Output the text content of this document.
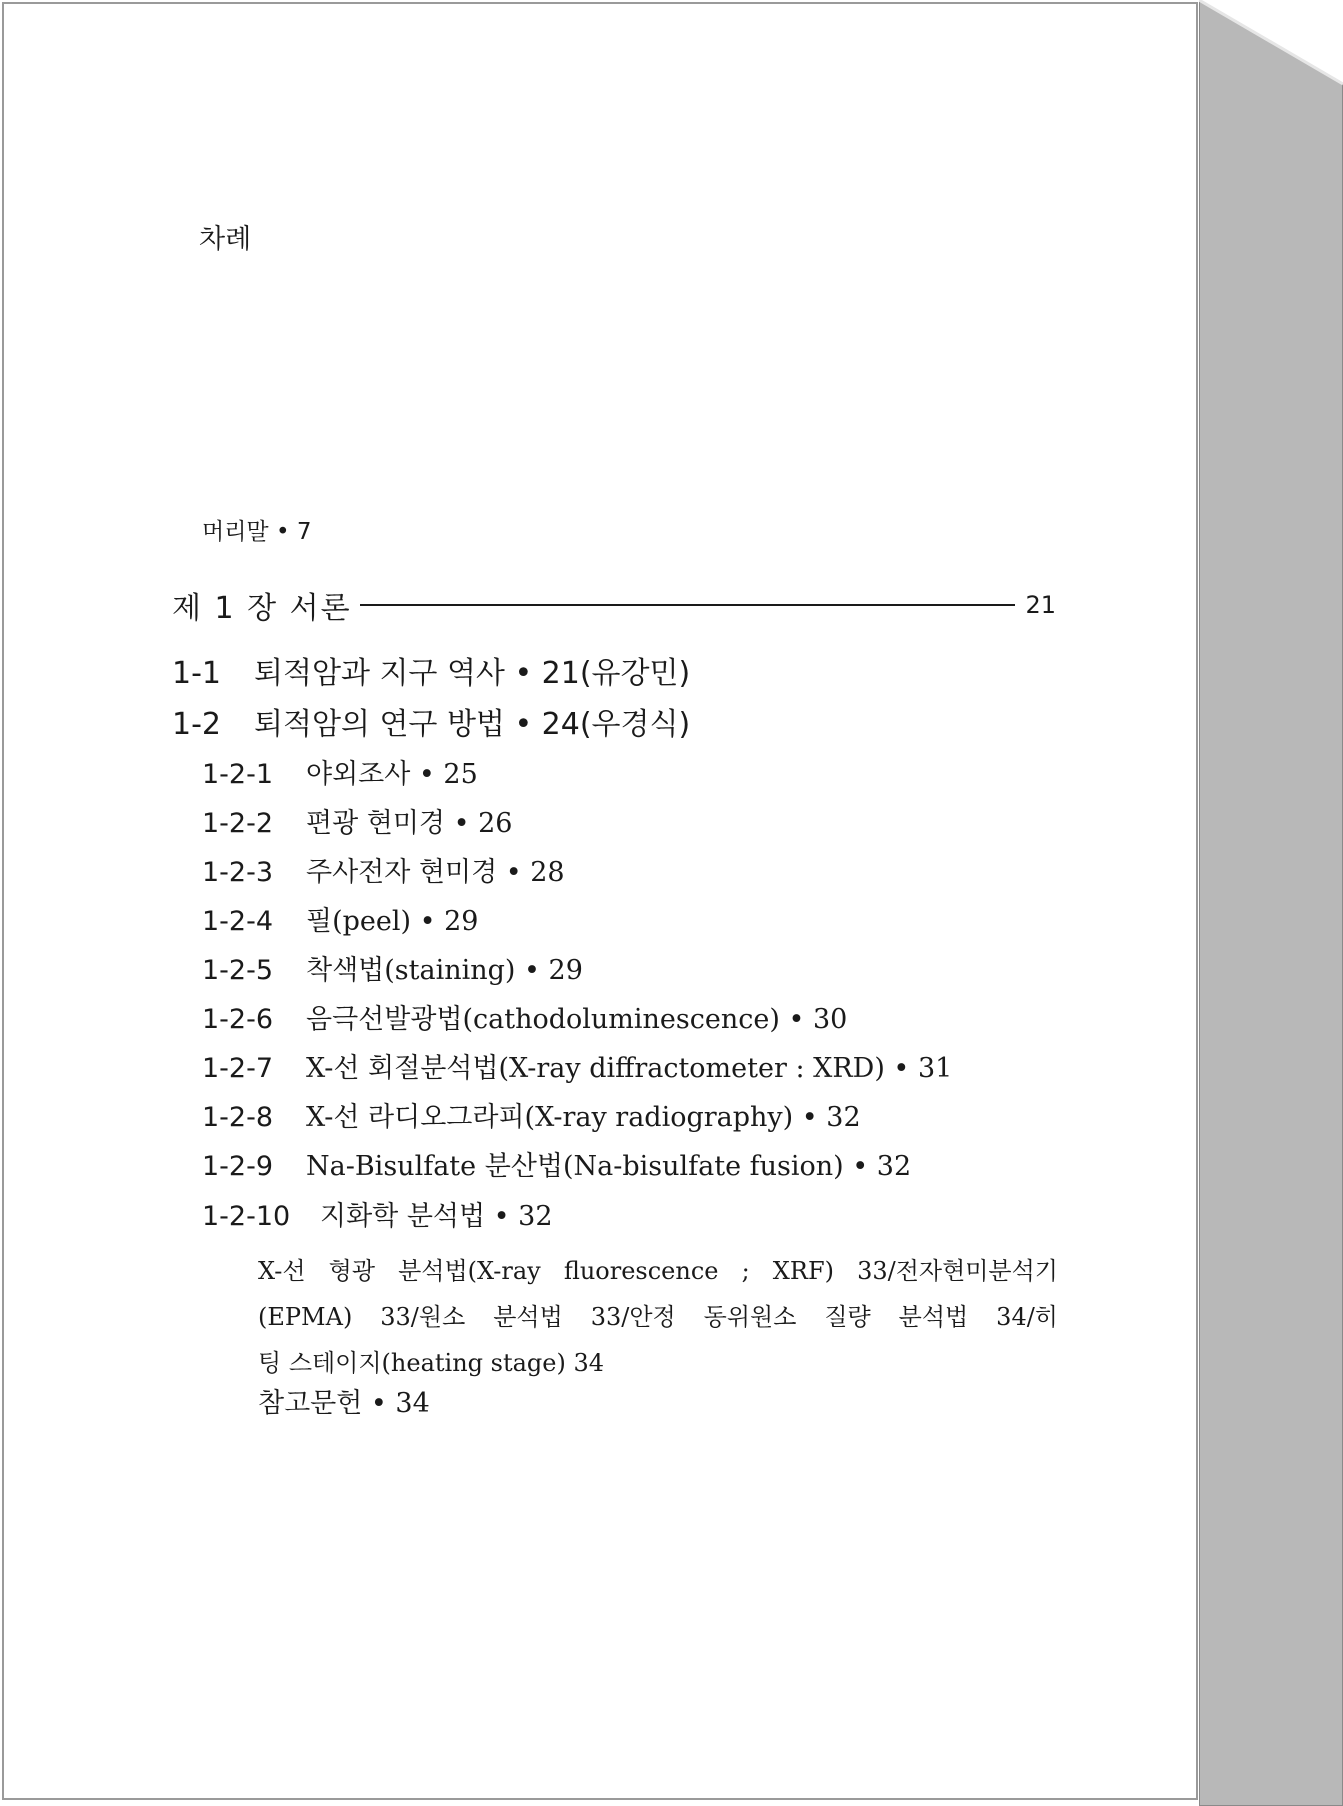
차례
머리말 • 7
제 1 장 서론	21
1-1 퇴적암과 지구 역사 • 21(유강민)
1-2 퇴적암의 연구 방법 • 24(우경식)
1-2-1 야외조사 • 25
1-2-2 편광 현미경 • 26
1-2-3 주사전자 현미경 • 28
1-2-4 필(peel) • 29
1-2-5 착색법(staining) • 29
1-2-6 음극선발광법(cathodoluminescence) • 30
1-2-7 X-선 회절분석법(X-ray diffractometer : XRD) • 31
1-2-8 X-선 라디오그라피(X-ray radiography) • 32
1-2-9 Na-Bisulfate 분산법(Na-bisulfate fusion) • 32
1-2-10 지화학 분석법 • 32
X-선 형광 분석법(X-ray fluorescence ; XRF) 33/전자현미분석기
(EPMA) 33/원소 분석법 33/안정 동위원소 질량 분석법 34/히
팅 스테이지(heating stage) 34
참고문헌 • 34
